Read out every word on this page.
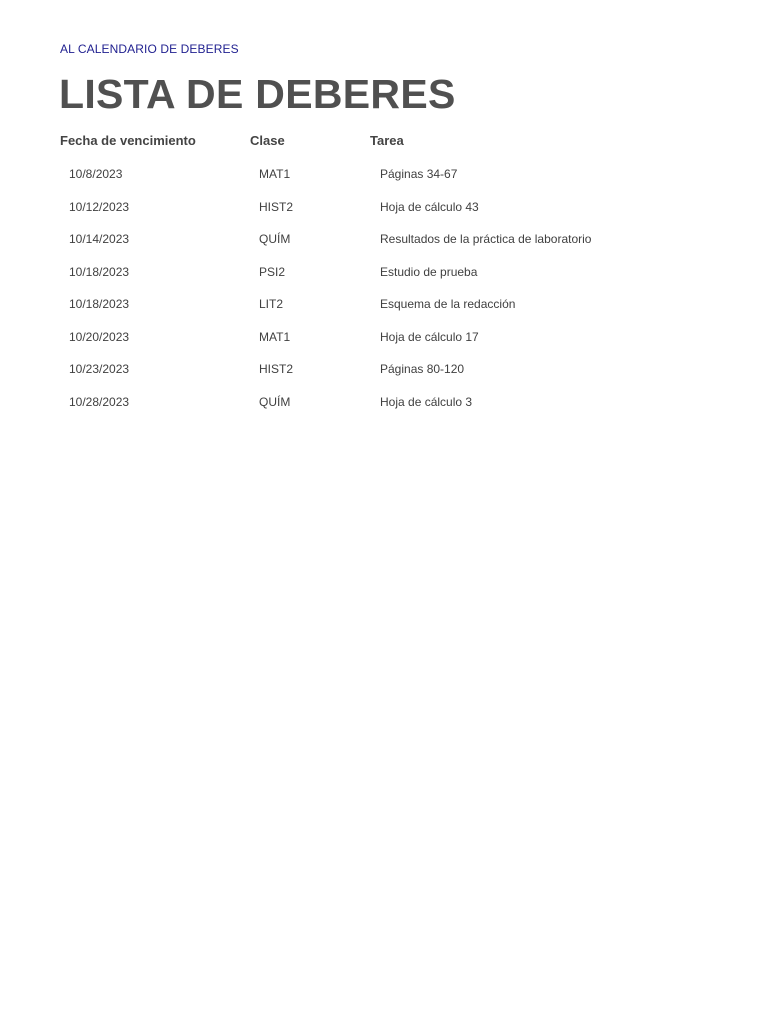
AL CALENDARIO DE DEBERES
LISTA DE DEBERES
Fecha de vencimiento	Clase	Tarea
10/8/2023	MAT1	Páginas 34-67
10/12/2023	HIST2	Hoja de cálculo 43
10/14/2023	QUÍM	Resultados de la práctica de laboratorio
10/18/2023	PSI2	Estudio de prueba
10/18/2023	LIT2	Esquema de la redacción
10/20/2023	MAT1	Hoja de cálculo 17
10/23/2023	HIST2	Páginas 80-120
10/28/2023	QUÍM	Hoja de cálculo 3
